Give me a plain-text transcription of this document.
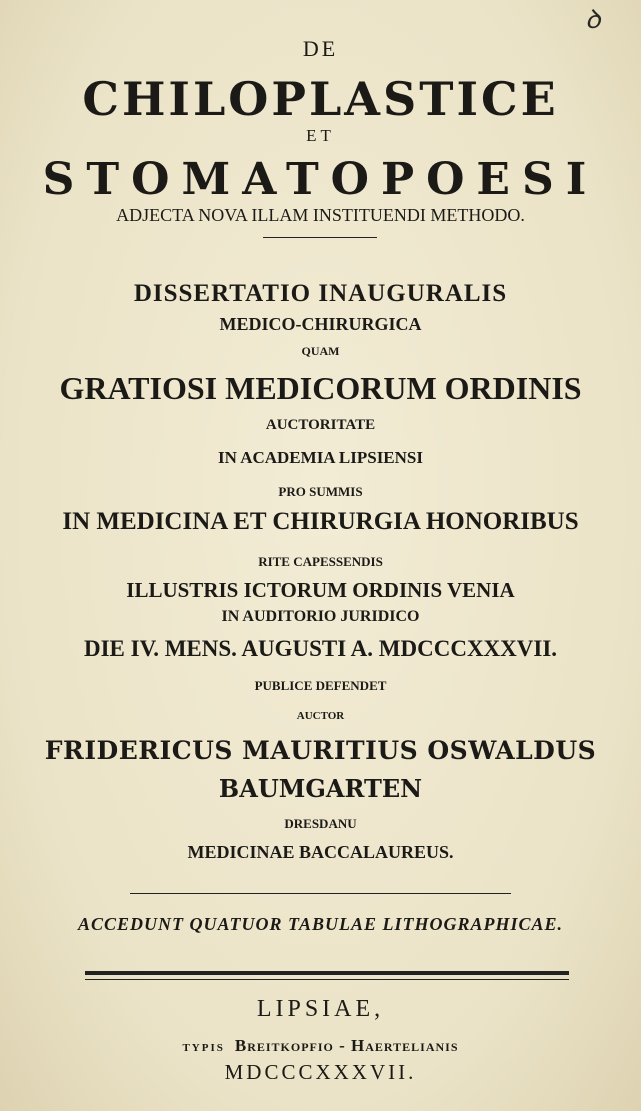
ꝺ
DE
CHILOPLASTICE
ET
STOMATOPOESI
ADJECTA NOVA ILLAM INSTITUENDI METHODO.
DISSERTATIO INAUGURALIS
MEDICO-CHIRURGICA
QUAM
GRATIOSI MEDICORUM ORDINIS
AUCTORITATE
IN ACADEMIA LIPSIENSI
PRO SUMMIS
IN MEDICINA ET CHIRURGIA HONORIBUS
RITE CAPESSENDIS
ILLUSTRIS ICTORUM ORDINIS VENIA
IN AUDITORIO JURIDICO
DIE IV. MENS. AUGUSTI A. MDCCCXXXVII.
PUBLICE DEFENDET
AUCTOR
FRIDERICUS MAURITIUS OSWALDUS
BAUMGARTEN
DRESDANU
MEDICINAE BACCALAUREUS.
ACCEDUNT QUATUOR TABULAE LITHOGRAPHICAE.
LIPSIAE,
TYPIS Breitkopfio - Haertelianis
MDCCCXXXVII.
